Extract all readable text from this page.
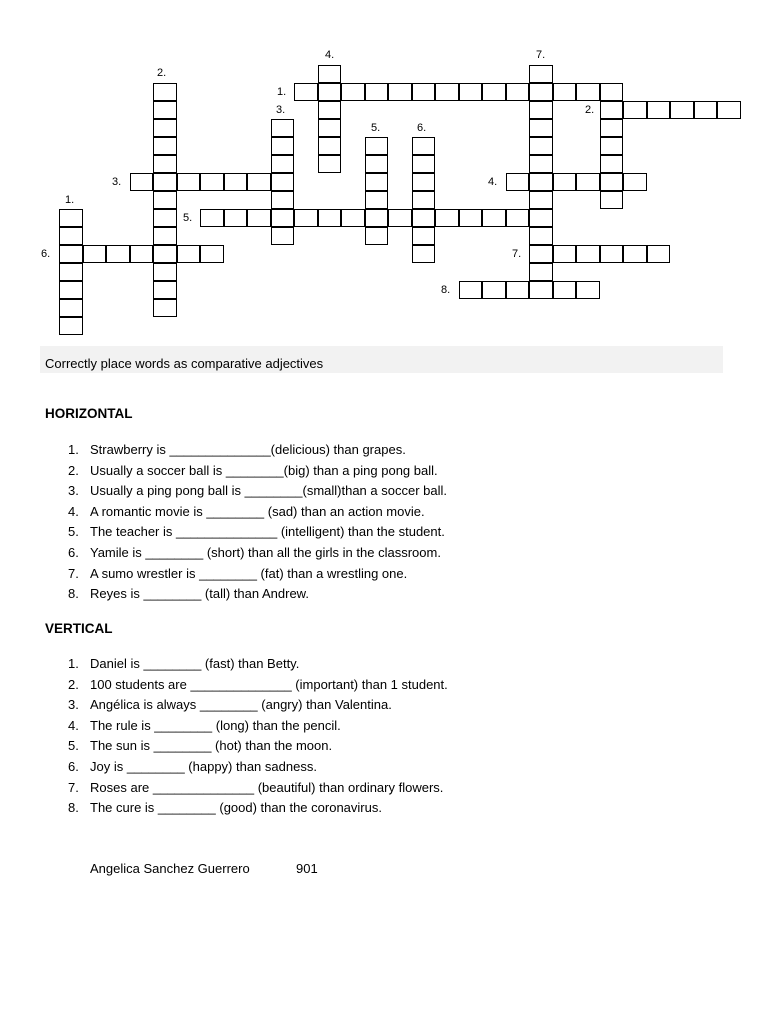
1.
2.
3.	4.
5.
6.	7.
8.
1.
2.
3.
4.
5.	6.
7.
Correctly place words as comparative adjectives
HORIZONTAL
1. Strawberry is ______________(delicious) than grapes.
2. Usually a soccer ball is ________(big) than a ping pong ball.
3. Usually a ping pong ball is ________(small)than a soccer ball.
4. A romantic movie is ________ (sad) than an action movie.
5. The teacher is ______________ (intelligent) than the student.
6. Yamile is ________ (short) than all the girls in the classroom.
7. A sumo wrestler is ________ (fat) than a wrestling one.
8. Reyes is ________ (tall) than Andrew.
VERTICAL
1. Daniel is ________ (fast) than Betty.
2. 100 students are ______________ (important) than 1 student.
3. Angélica is always ________ (angry) than Valentina.
4. The rule is ________ (long) than the pencil.
5. The sun is ________ (hot) than the moon.
6. Joy is ________ (happy) than sadness.
7. Roses are ______________ (beautiful) than ordinary flowers.
8. The cure is ________ (good) than the coronavirus.
Angelica Sanchez Guerrero	901
